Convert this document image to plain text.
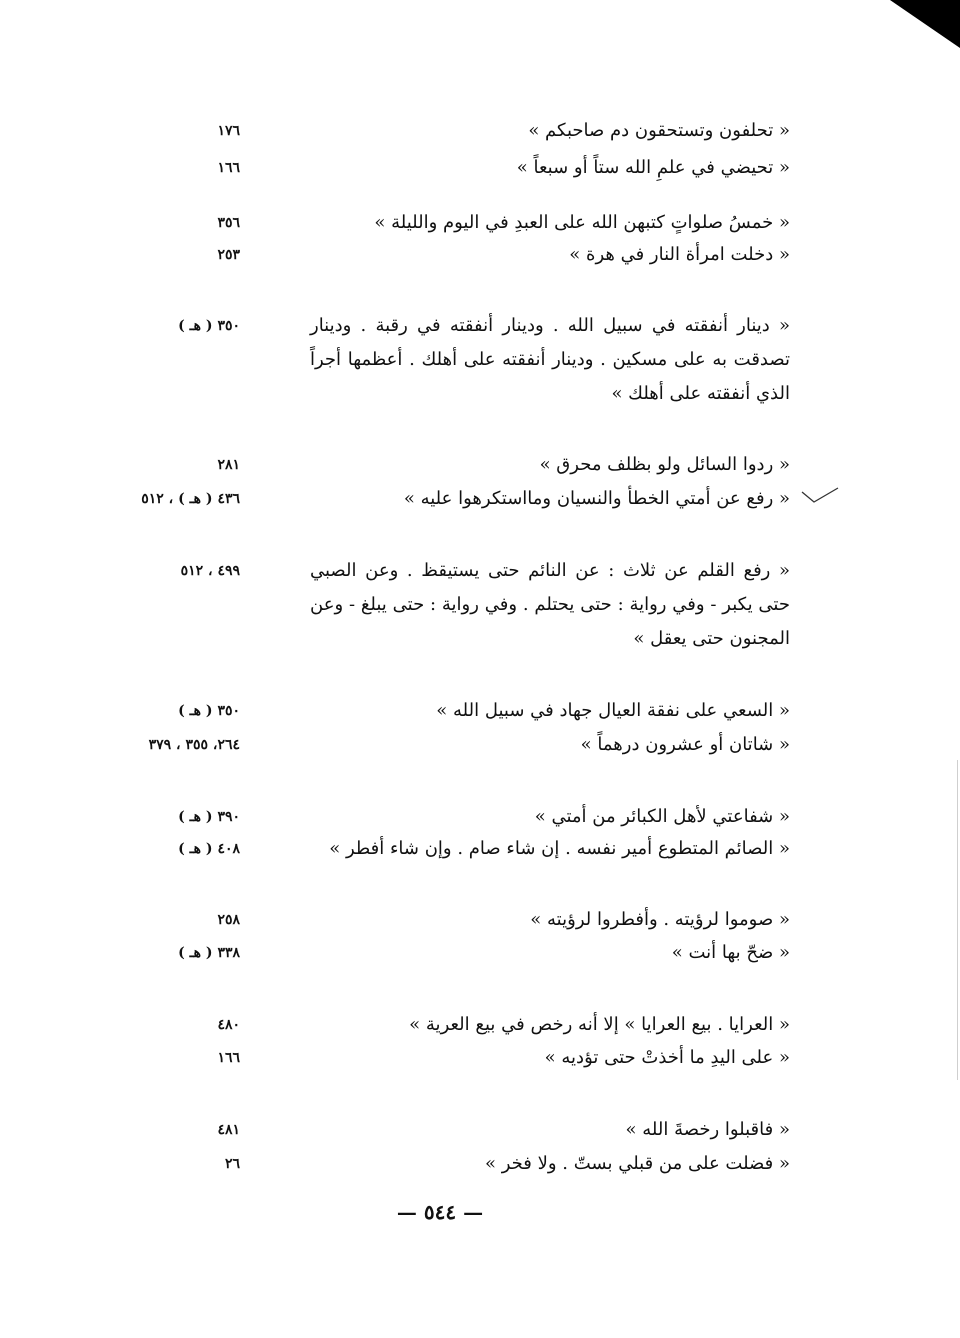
« تحلفون وتستحقون دم صاحبكم »
١٧٦
« تحيضي في علمِ الله ستاً أو سبعاً »
١٦٦
« خمسُ صلواتٍ كتبهن الله على العبدِ في اليوم والليلة »
٣٥٦
« دخلت امرأة النار في هرة »
٢٥٣
« دينار أنفقته في سبيل الله . ودينار أنفقته في رقبة . ودينار تصدقت به على مسكين . ودينار أنفقته على أهلك . أعظمها أجراً الذي أنفقته على أهلك »
٣٥٠ ( هـ )
« ردوا السائل ولو بظلف محرق »
٢٨١
« رفع عن أمتي الخطأ والنسيان ومااستكرهوا عليه »
٤٣٦ ( هـ ) ، ٥١٢
« رفع القلم عن ثلاث : عن النائم حتى يستيقظ . وعن الصبي حتى يكبر - وفي رواية : حتى يحتلم . وفي رواية : حتى يبلغ - وعن المجنون حتى يعقل »
٤٩٩ ، ٥١٢
« السعي على نفقة العيال جهاد في سبيل الله »
٣٥٠ ( هـ )
« شاتان أو عشرون درهماً »
٢٦٤، ٣٥٥ ، ٣٧٩
« شفاعتي لأهل الكبائر من أمتي »
٣٩٠ ( هـ )
« الصائم المتطوع أمير نفسه . إن شاء صام . وإن شاء أفطر »
٤٠٨ ( هـ )
« صوموا لرؤيته . وأفطروا لرؤيته »
٢٥٨
« ضحّ بها أنت »
٣٣٨ ( هـ )
« العرايا . بيع العرايا » إلا أنه رخص في بيع العرية »
٤٨٠
« على اليدِ ما أخذتْ حتى تؤديه »
١٦٦
« فاقبلوا رخصةَ الله »
٤٨١
« فضلت على من قبلي بستّ . ولا فخر »
٢٦
— ٥٤٤ —
